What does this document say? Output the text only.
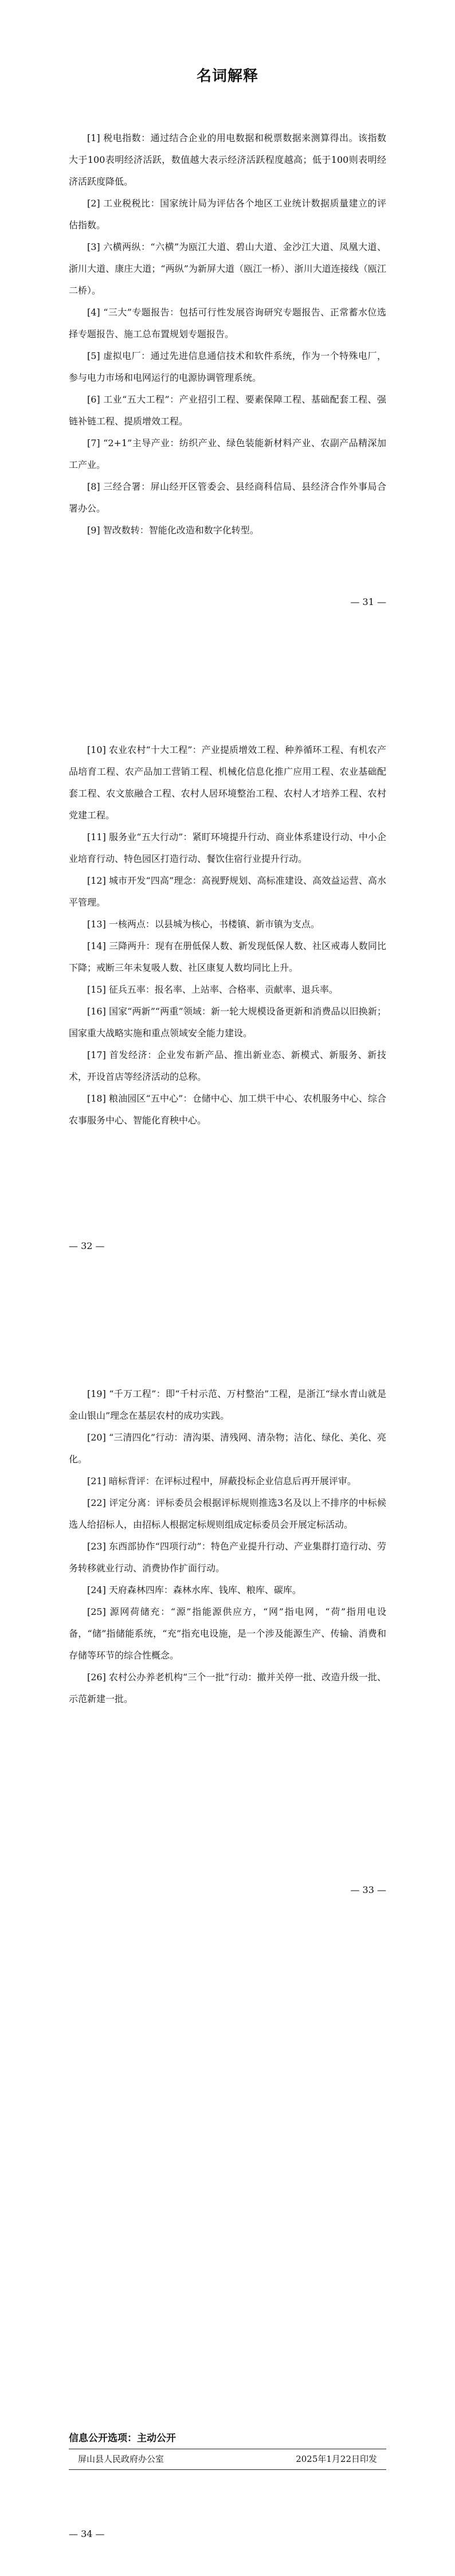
名词解释

[1] 税电指数：通过结合企业的用电数据和税票数据来测算得出。该指数大于100表明经济活跃，数值越大表示经济活跃程度越高；低于100则表明经济活跃度降低。

[2] 工业税税比：国家统计局为评估各个地区工业统计数据质量建立的评估指数。

[3] 六横两纵：“六横”为瓯江大道、碧山大道、金沙江大道、凤凰大道、浙川大道、康庄大道；“两纵”为新屏大道（瓯江一桥）、浙川大道连接线（瓯江二桥）。

[4] “三大”专题报告：包括可行性发展咨询研究专题报告、正常蓄水位选择专题报告、施工总布置规划专题报告。

[5] 虚拟电厂：通过先进信息通信技术和软件系统，作为一个特殊电厂，参与电力市场和电网运行的电源协调管理系统。

[6] 工业“五大工程”：产业招引工程、要素保障工程、基础配套工程、强链补链工程、提质增效工程。

[7] “2+1”主导产业：纺织产业、绿色装能新材料产业、农副产品精深加工产业。

[8] 三经合署：屏山经开区管委会、县经商科信局、县经济合作外事局合署办公。

[9] 智改数转：智能化改造和数字化转型。

— 31 —

[10] 农业农村“十大工程”：产业提质增效工程、种养循环工程、有机农产品培育工程、农产品加工营销工程、机械化信息化推广应用工程、农业基础配套工程、农文旅融合工程、农村人居环境整治工程、农村人才培养工程、农村党建工程。

[11] 服务业“五大行动”：紧盯环境提升行动、商业体系建设行动、中小企业培育行动、特色园区打造行动、餐饮住宿行业提升行动。

[12] 城市开发“四高”理念：高视野规划、高标准建设、高效益运营、高水平管理。

[13] 一核两点：以县城为核心，书楼镇、新市镇为支点。

[14] 三降两升：现有在册低保人数、新发现低保人数、社区戒毒人数同比下降；戒断三年未复吸人数、社区康复人数均同比上升。

[15] 征兵五率：报名率、上站率、合格率、贡献率、退兵率。

[16] 国家“两新”“两重”领域：新一轮大规模设备更新和消费品以旧换新；国家重大战略实施和重点领域安全能力建设。

[17] 首发经济：企业发布新产品、推出新业态、新模式、新服务、新技术，开设首店等经济活动的总称。

[18] 粮油园区“五中心”：仓储中心、加工烘干中心、农机服务中心、综合农事服务中心、智能化育秧中心。

— 32 —

[19] “千万工程”：即“千村示范、万村整治”工程，是浙江“绿水青山就是金山银山”理念在基层农村的成功实践。

[20] “三清四化”行动：清沟渠、清残网、清杂物；洁化、绿化、美化、亮化。

[21] 暗标背评：在评标过程中，屏蔽投标企业信息后再开展评审。

[22] 评定分离：评标委员会根据评标规则推选3名及以上不排序的中标候选人给招标人，由招标人根据定标规则组成定标委员会开展定标活动。

[23] 东西部协作“四项行动”：特色产业提升行动、产业集群打造行动、劳务转移就业行动、消费协作扩面行动。

[24] 天府森林四库：森林水库、钱库、粮库、碳库。

[25] 源网荷储充：“源”指能源供应方，“网”指电网，“荷”指用电设备，“储”指储能系统，“充”指充电设施，是一个涉及能源生产、传输、消费和存储等环节的综合性概念。

[26] 农村公办养老机构“三个一批”行动：撤并关停一批、改造升级一批、示范新建一批。

— 33 —
信息公开选项：主动公开
屏山县人民政府办公室	2025年1月22日印发
— 34 —
